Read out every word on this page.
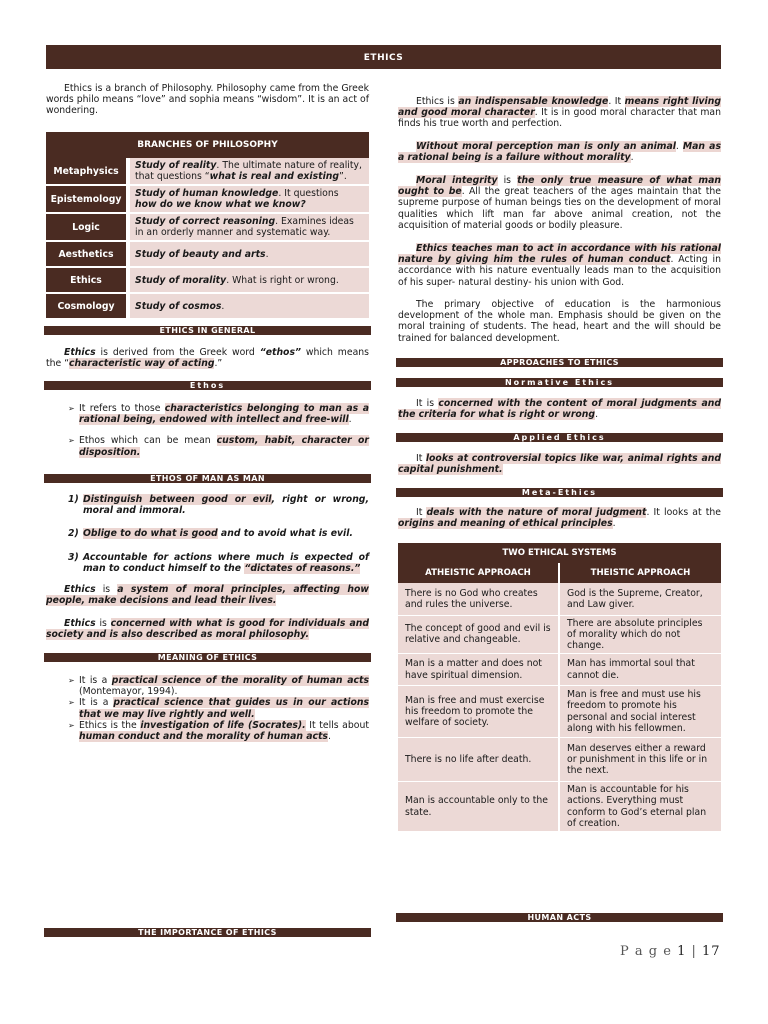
ETHICS
Ethics is a branch of Philosophy. Philosophy came from the Greek words philo means “love” and sophia means “wisdom”. It is an act of wondering.
BRANCHES OF PHILOSOPHY	
Metaphysics	Study of reality. The ultimate nature of reality, that questions “what is real and existing”.
Epistemology	Study of human knowledge. It questions how do we know what we know?
Logic	Study of correct reasoning. Examines ideas in an orderly manner and systematic way.
Aesthetics	Study of beauty and arts.
Ethics	Study of morality. What is right or wrong.
Cosmology	Study of cosmos.
ETHICS IN GENERAL
Ethics is derived from the Greek word “ethos” which means the “characteristic way of acting.”
Ethos
➢ It refers to those characteristics belonging to man as a rational being, endowed with intellect and free-will.
➢ Ethos which can be mean custom, habit, character or disposition.
ETHOS OF MAN AS MAN
1) Distinguish between good or evil, right or wrong, moral and immoral.
2) Oblige to do what is good and to avoid what is evil.
3) Accountable for actions where much is expected of man to conduct himself to the “dictates of reasons.”
Ethics is a system of moral principles, affecting how people, make decisions and lead their lives.
Ethics is concerned with what is good for individuals and society and is also described as moral philosophy.
MEANING OF ETHICS
➢ It is a practical science of the morality of human acts (Montemayor, 1994).
➢ It is a practical science that guides us in our actions that we may live rightly and well.
➢ Ethics is the investigation of life (Socrates). It tells about human conduct and the morality of human acts.
THE IMPORTANCE OF ETHICS
Ethics is an indispensable knowledge. It means right living and good moral character. It is in good moral character that man finds his true worth and perfection.
Without moral perception man is only an animal. Man as a rational being is a failure without morality.
Moral integrity is the only true measure of what man ought to be. All the great teachers of the ages maintain that the supreme purpose of human beings ties on the development of moral qualities which lift man far above animal creation, not the acquisition of material goods or bodily pleasure.
Ethics teaches man to act in accordance with his rational nature by giving him the rules of human conduct. Acting in accordance with his nature eventually leads man to the acquisition of his super- natural destiny- his union with God.
The primary objective of education is the harmonious development of the whole man. Emphasis should be given on the moral training of students. The head, heart and the will should be trained for balanced development.
APPROACHES TO ETHICS
Normative Ethics
It is concerned with the content of moral judgments and the criteria for what is right or wrong.
Applied Ethics
It looks at controversial topics like war, animal rights and capital punishment.
Meta-Ethics
It deals with the nature of moral judgment. It looks at the origins and meaning of ethical principles.
TWO ETHICAL SYSTEMS	
ATHEISTIC APPROACH	THEISTIC APPROACH
There is no God who creates and rules the universe.	God is the Supreme, Creator, and Law giver.
The concept of good and evil is relative and changeable.	There are absolute principles of morality which do not change.
Man is a matter and does not have spiritual dimension.	Man has immortal soul that cannot die.
Man is free and must exercise his freedom to promote the welfare of society.	Man is free and must use his freedom to promote his personal and social interest along with his fellowmen.
There is no life after death.	Man deserves either a reward or punishment in this life or in the next.
Man is accountable only to the state.	Man is accountable for his actions. Everything must conform to God’s eternal plan of creation.
HUMAN ACTS
P a g e 1 | 17
